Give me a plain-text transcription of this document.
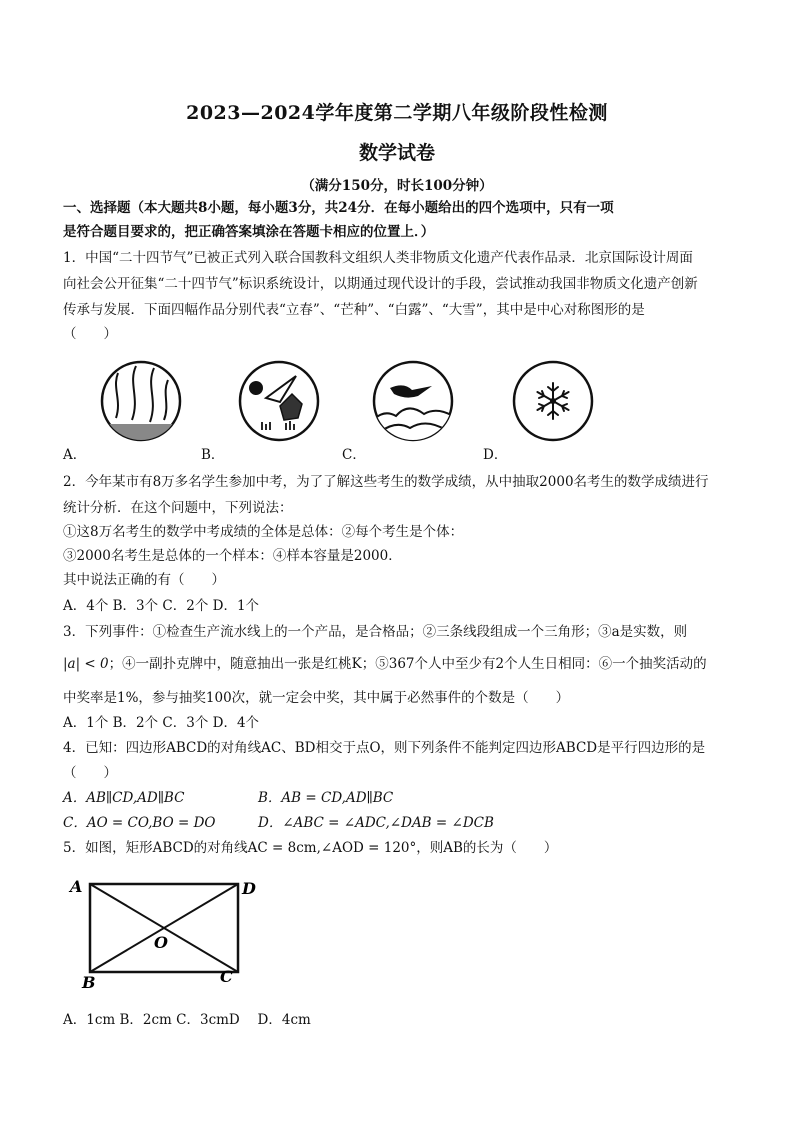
2023—2024学年度第二学期八年级阶段性检测
数学试卷
（满分150分，时长100分钟）
一、选择题（本大题共8小题，每小题3分，共24分．在每小题给出的四个选项中，只有一项
是符合题目要求的，把正确答案填涂在答题卡相应的位置上．）
1．中国“二十四节气”已被正式列入联合国教科文组织人类非物质文化遗产代表作品录．北京国际设计周面
向社会公开征集“二十四节气”标识系统设计，以期通过现代设计的手段，尝试推动我国非物质文化遗产创新
传承与发展．下面四幅作品分别代表“立春”、“芒种”、“白露”、“大雪”，其中是中心对称图形的是
（　　）
A．	B．	C．	D．
2．今年某市有8万多名学生参加中考，为了了解这些考生的数学成绩，从中抽取2000名考生的数学成绩进行
统计分析．在这个问题中，下列说法：
①这8万名考生的数学中考成绩的全体是总体：②每个考生是个体：
③2000名考生是总体的一个样本：④样本容量是2000．
其中说法正确的有（　　）
A．4个 B．3个 C．2个 D．1个
3．下列事件：①检查生产流水线上的一个产品，是合格品；②三条线段组成一个三角形；③a是实数，则
|a| < 0；④一副扑克牌中，随意抽出一张是红桃K；⑤367个人中至少有2个人生日相同：⑥一个抽奖活动的
中奖率是1%，参与抽奖100次，就一定会中奖，其中属于必然事件的个数是（　　）
A．1个 B．2个 C．3个 D．4个
4．已知：四边形ABCD的对角线AC、BD相交于点O，则下列条件不能判定四边形ABCD是平行四边形的是
（　　）
A．AB∥CD,AD∥BC	B．AB = CD,AD∥BC
C．AO = CO,BO = DO	D．∠ABC = ∠ADC,∠DAB = ∠DCB
5．如图，矩形ABCD的对角线AC = 8cm,∠AOD = 120°，则AB的长为（　　）
A	D
B	C
O
A．1cm B．2cm C．3cmD　 D．4cm
